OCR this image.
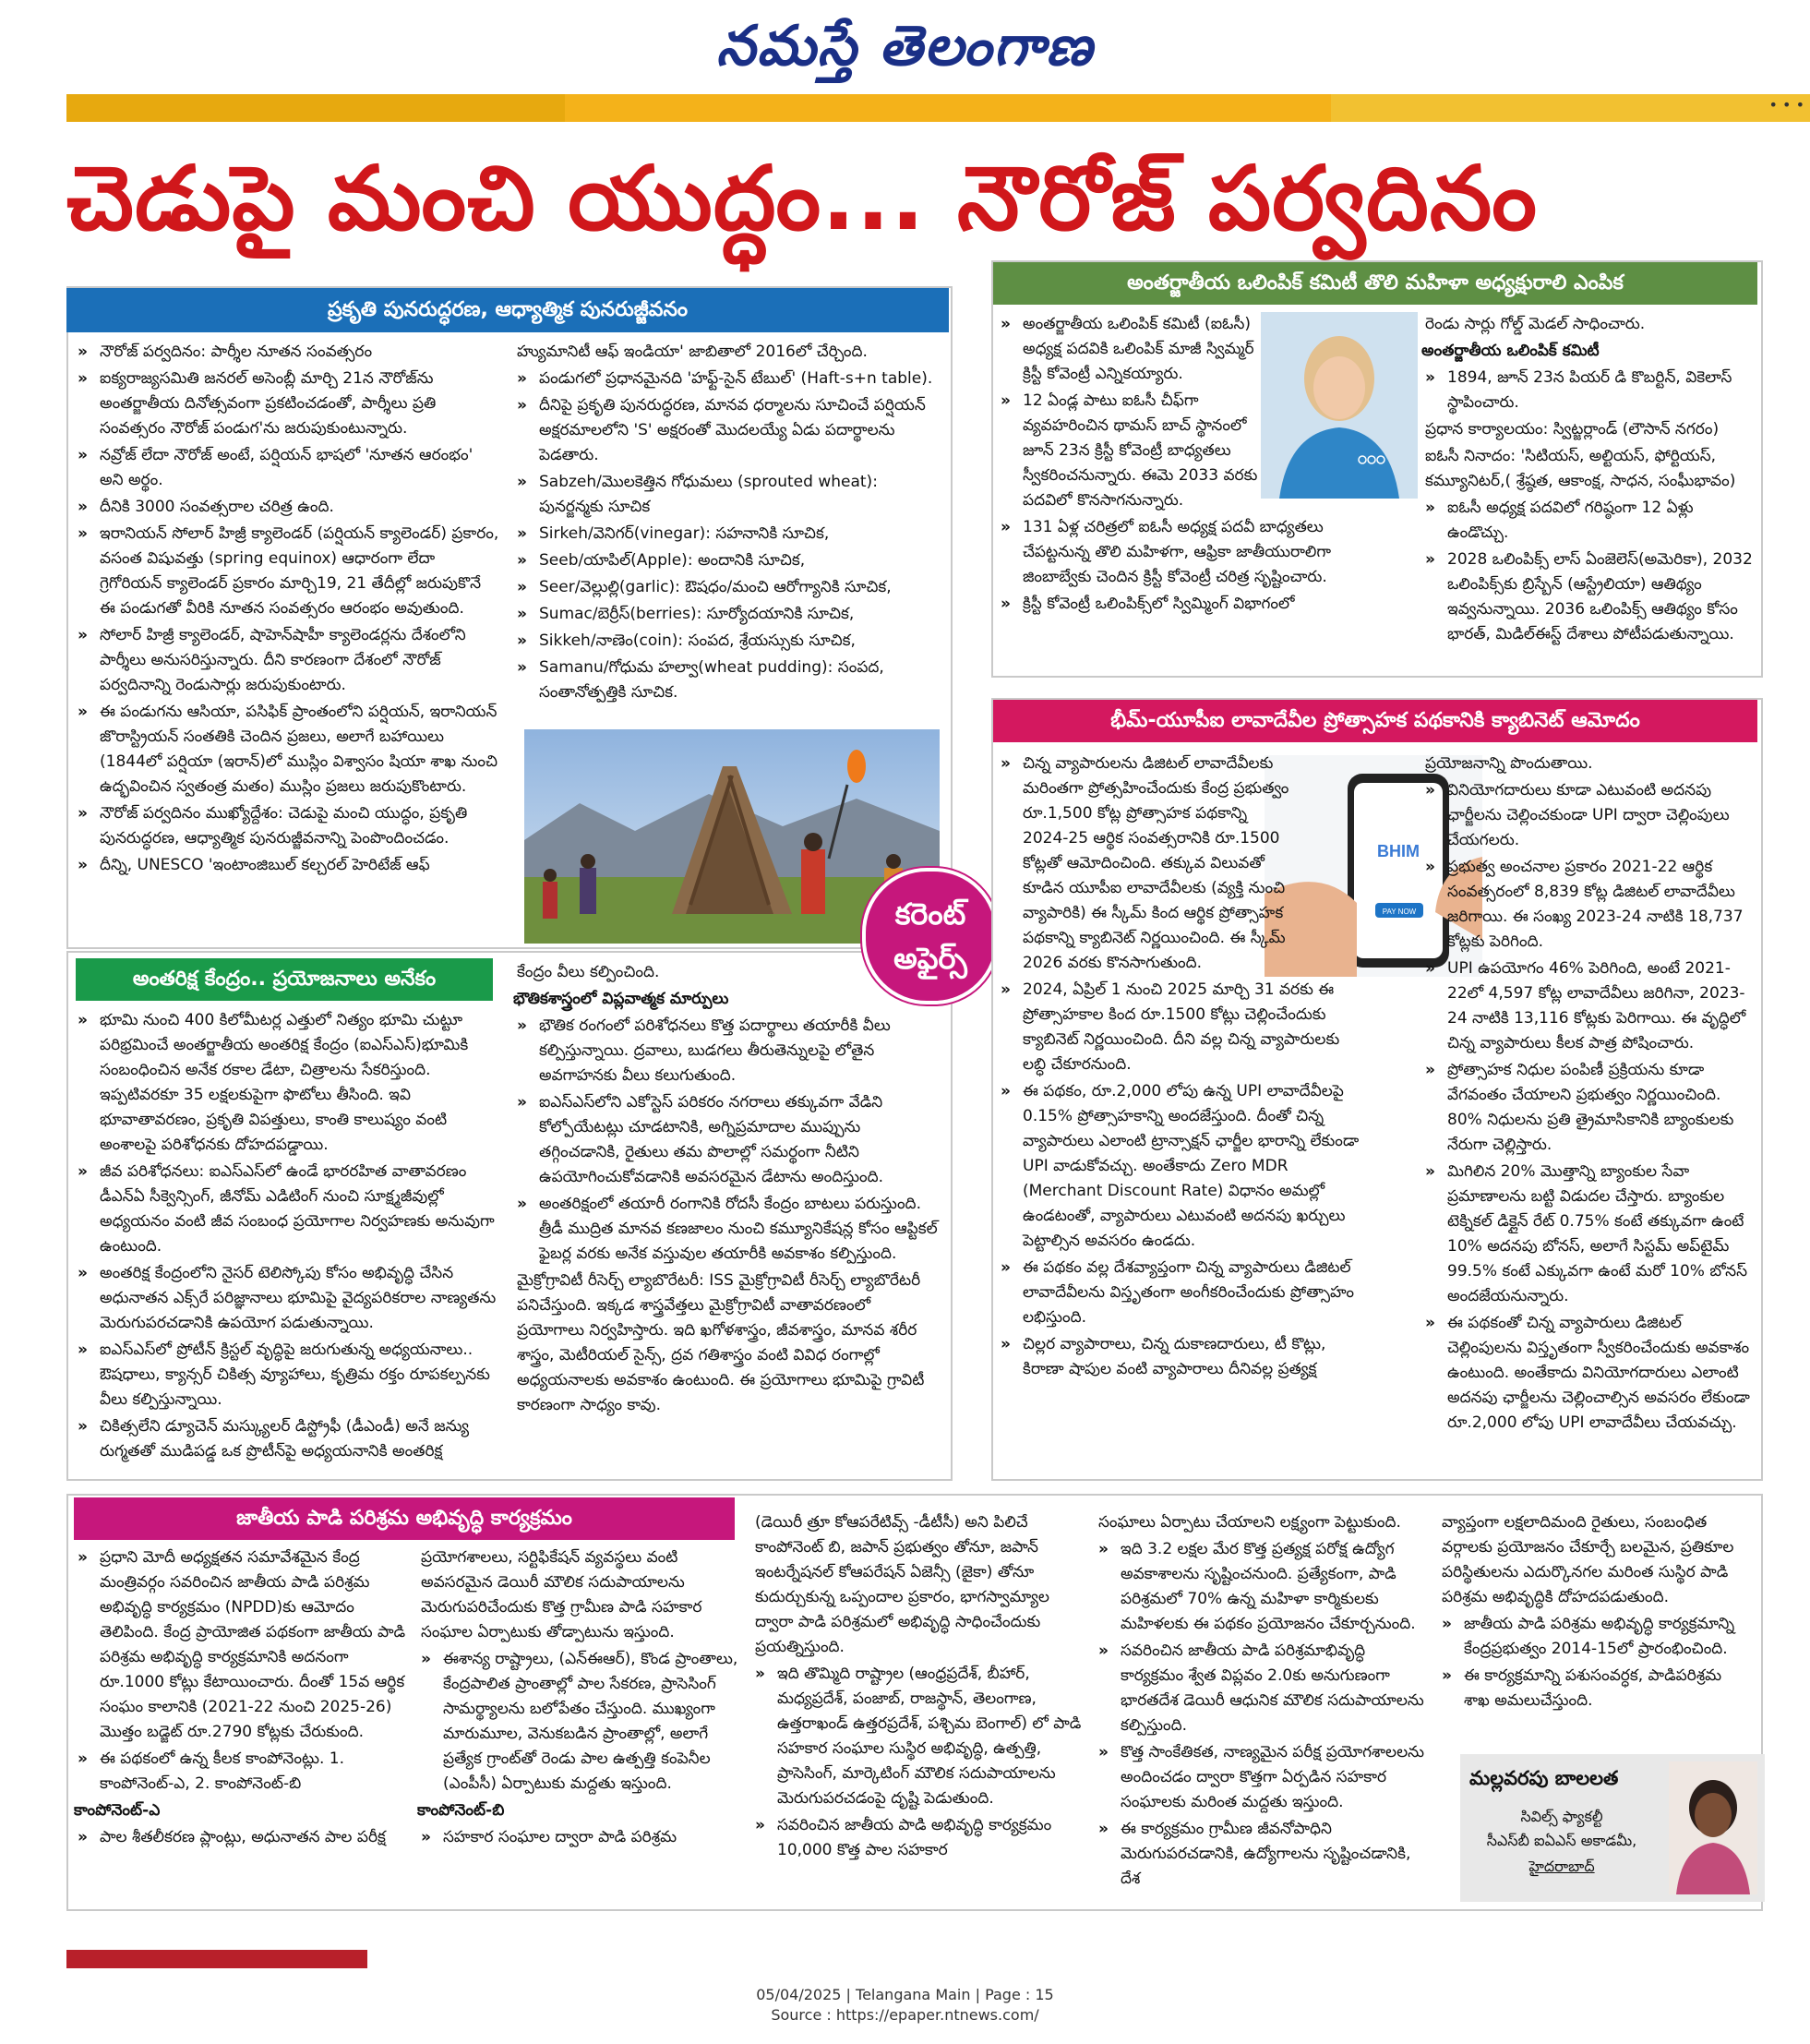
నమస్తే తెలంగాణ
• • •
చెడుపై మంచి యుద్ధం... నౌరోజ్ పర్వదినం
ప్రకృతి పునరుద్ధరణ, ఆధ్యాత్మిక పునరుజ్జీవనం

» నౌరోజ్ పర్వదినం: పార్శీల నూతన సంవత్సరం

» ఐక్యరాజ్యసమితి జనరల్ అసెంబ్లీ మార్చి 21న నౌరోజ్‌ను అంతర్జాతీయ దినోత్సవంగా ప్రకటించడంతో, పార్శీలు ప్రతి సంవత్సరం నౌరోజ్ పండుగ'ను జరుపుకుంటున్నారు.

» నవ్రోజ్ లేదా నౌరోజ్ అంటే, పర్షియన్ భాషలో 'నూతన ఆరంభం' అని అర్థం.

» దీనికి 3000 సంవత్సరాల చరిత్ర ఉంది.

» ఇరానియన్ సోలార్ హిజ్రీ క్యాలెండర్ (పర్షియన్ క్యాలెండర్) ప్రకారం, వసంత విషువత్తు (spring equinox) ఆధారంగా లేదా గ్రెగోరియన్ క్యాలెండర్ ప్రకారం మార్చి19, 21 తేదీల్లో జరుపుకొనే ఈ పండుగతో వీరికి నూతన సంవత్సరం ఆరంభం అవుతుంది.

» సోలార్ హిజ్రీ క్యాలెండర్, షాహెన్‌షాహీ క్యాలెండర్లను దేశంలోని పార్శీలు అనుసరిస్తున్నారు. దీని కారణంగా దేశంలో నౌరోజ్ పర్వదినాన్ని రెండుసార్లు జరుపుకుంటారు.

» ఈ పండుగను ఆసియా, పసిఫిక్ ప్రాంతంలోని పర్షియన్, ఇరానియన్ జొరాస్ట్రియన్ సంతతికి చెందిన ప్రజలు, అలాగే బహాయిలు (1844లో పర్షియా (ఇరాన్)లో ముస్లిం విశ్వాసం షియా శాఖ నుంచి ఉద్భవించిన స్వతంత్ర మతం) ముస్లిం ప్రజలు జరుపుకొంటారు.

» నౌరోజ్ పర్వదినం ముఖ్యోద్దేశం: చెడుపై మంచి యుద్ధం, ప్రకృతి పునరుద్ధరణ, ఆధ్యాత్మిక పునరుజ్జీవనాన్ని పెంపొందించడం.

» దీన్ని, UNESCO 'ఇంటాంజిబుల్ కల్చరల్ హెరిటేజ్ ఆఫ్

హ్యుమానిటీ ఆఫ్ ఇండియా' జాబితాలో 2016లో చేర్చింది.

» పండుగలో ప్రధానమైనది 'హఫ్ట్-సైన్ టేబుల్' (Haft-s+n table).

» దీనిపై ప్రకృతి పునరుద్ధరణ, మానవ ధర్మాలను సూచించే పర్షియన్ అక్షరమాలలోని 'S' అక్షరంతో మొదలయ్యే ఏడు పదార్థాలను పెడతారు.

» Sabzeh/మొలకెత్తిన గోధుమలు (sprouted wheat): పునర్జన్మకు సూచిక

» Sirkeh/వెనిగర్(vinegar): సహనానికి సూచిక,

» Seeb/యాపిల్(Apple): అందానికి సూచిక,

» Seer/వెల్లుల్లి(garlic): ఔషధం/మంచి ఆరోగ్యానికి సూచిక,

» Sumac/బెర్రీస్(berries): సూర్యోదయానికి సూచిక,

» Sikkeh/నాణెం(coin): సంపద, శ్రేయస్సుకు సూచిక,

» Samanu/గోధుమ హల్వా(wheat pudding): సంపద, సంతానోత్పత్తికి సూచిక.

అంతరిక్ష కేంద్రం.. ప్రయోజనాలు అనేకం

» భూమి నుంచి 400 కిలోమీటర్ల ఎత్తులో నిత్యం భూమి చుట్టూ పరిభ్రమించే అంతర్జాతీయ అంతరిక్ష కేంద్రం (ఐఎస్ఎస్)భూమికి సంబంధించిన అనేక రకాల డేటా, చిత్రాలను సేకరిస్తుంది. ఇప్పటివరకూ 35 లక్షలకుపైగా ఫొటోలు తీసింది. ఇవి భూవాతావరణం, ప్రకృతి విపత్తులు, కాంతి కాలుష్యం వంటి అంశాలపై పరిశోధనకు దోహదపడ్డాయి.

» జీవ పరిశోధనలు: ఐఎస్ఎస్‌లో ఉండే భారరహిత వాతావరణం డీఎన్ఏ సీక్వెన్సింగ్, జీనోమ్ ఎడిటింగ్ నుంచి సూక్ష్మజీవుల్లో అధ్యయనం వంటి జీవ సంబంధ ప్రయోగాల నిర్వహణకు అనువుగా ఉంటుంది.

» అంతరిక్ష కేంద్రంలోని నైసర్ టెలిస్కోపు కోసం అభివృద్ధి చేసిన అధునాతన ఎక్స్‌రే పరిజ్ఞానాలు భూమిపై వైద్యపరికరాల నాణ్యతను మెరుగుపరచడానికి ఉపయోగ పడుతున్నాయి.

» ఐఎస్ఎస్‌లో ప్రోటీన్ క్రిస్టల్ వృద్ధిపై జరుగుతున్న అధ్యయనాలు.. ఔషధాలు, క్యాన్సర్ చికిత్స వ్యూహాలు, కృత్రిమ రక్తం రూపకల్పనకు వీలు కల్పిస్తున్నాయి.

» చికిత్సలేని డ్యూచెన్ మస్క్యులర్ డిస్ట్రోఫీ (డీఎండీ) అనే జన్యు రుగ్మతతో ముడిపడ్డ ఒక ప్రొటీన్‌పై అధ్యయనానికి అంతరిక్ష

కేంద్రం వీలు కల్పించింది.

భౌతికశాస్త్రంలో విప్లవాత్మక మార్పులు

» భౌతిక రంగంలో పరిశోధనలు కొత్త పదార్థాలు తయారీకి వీలు కల్పిస్తున్నాయి. ద్రవాలు, బుడగలు తీరుతెన్నులపై లోతైన అవగాహనకు వీలు కలుగుతుంది.

» ఐఎస్ఎస్‌లోని ఎకోస్టెస్ పరికరం నగరాలు తక్కువగా వేడిని కోల్పోయేటట్లు చూడటానికి, అగ్నిప్రమాదాల ముప్పును తగ్గించడానికి, రైతులు తమ పొలాల్లో సమర్థంగా నీటిని ఉపయోగించుకోవడానికి అవసరమైన డేటాను అందిస్తుంది.

» అంతరిక్షంలో తయారీ రంగానికి రోదసీ కేంద్రం బాటలు పరుస్తుంది. త్రీడీ ముద్రిత మానవ కణజాలం నుంచి కమ్యూనికేషన్ల కోసం ఆప్టికల్ ఫైబర్ల వరకు అనేక వస్తువుల తయారీకి అవకాశం కల్పిస్తుంది.

మైక్రోగ్రావిటీ రీసెర్చ్ ల్యాబొరేటరీ: ISS మైక్రోగ్రావిటీ రీసెర్చ్ ల్యాబొరేటరీ పనిచేస్తుంది. ఇక్కడ శాస్త్రవేత్తలు మైక్రోగ్రావిటీ వాతావరణంలో ప్రయోగాలు నిర్వహిస్తారు. ఇది ఖగోళశాస్త్రం, జీవశాస్త్రం, మానవ శరీర శాస్త్రం, మెటీరియల్ సైన్స్, ద్రవ గతిశాస్త్రం వంటి వివిధ రంగాల్లో అధ్యయనాలకు అవకాశం ఉంటుంది. ఈ ప్రయోగాలు భూమిపై గ్రావిటీ కారణంగా సాధ్యం కావు.

కరెంట్
అఫైర్స్
అంతర్జాతీయ ఒలింపిక్ కమిటీ తొలి మహిళా అధ్యక్షురాలి ఎంపిక

» అంతర్జాతీయ ఒలింపిక్ కమిటీ (ఐఓసీ) అధ్యక్ష పదవికి ఒలింపిక్ మాజీ స్విమ్మర్ క్రిస్టీ కోవెంట్రీ ఎన్నికయ్యారు.

» 12 ఏండ్ల పాటు ఐఓసీ చీఫ్‌గా వ్యవహరించిన థామస్ బాచ్ స్థానంలో జూన్ 23న క్రిస్టీ కోవెంట్రీ బాధ్యతలు స్వీకరించనున్నారు. ఈమె 2033 వరకు పదవిలో కొనసాగనున్నారు.

» 131 ఏళ్ల చరిత్రలో ఐఓసీ అధ్యక్ష పదవీ బాధ్యతలు చేపట్టనున్న తొలి మహిళగా, ఆఫ్రికా జాతీయురాలిగా జింబాబ్వేకు చెందిన క్రిస్టీ కోవెంట్రీ చరిత్ర సృష్టించారు.

» క్రిస్టీ కోవెంట్రీ ఒలింపిక్స్‌లో స్విమ్మింగ్ విభాగంలో

రెండు సార్లు గోల్డ్ మెడల్ సాధించారు.

అంతర్జాతీయ ఒలింపిక్ కమిటీ

» 1894, జూన్ 23న పియర్ డి కొబర్టిన్, వికెలాస్ స్థాపించారు.

ప్రధాన కార్యాలయం: స్విట్జర్లాండ్ (లౌసాన్ నగరం)

ఐఓసీ నినాదం: 'సిటియస్, అల్టియస్, ఫోర్టియస్, కమ్యూనిటర్,( శ్రేష్ఠత, ఆకాంక్ష, సాధన, సంఘీభావం)

» ఐఓసీ అధ్యక్ష పదవిలో గరిష్ఠంగా 12 ఏళ్లు ఉండొచ్చు.

» 2028 ఒలింపిక్స్‌ లాస్ ఏంజెలెస్(అమెరికా), 2032 ఒలింపిక్స్‌కు బ్రిస్బేన్ (ఆస్ట్రేలియా) ఆతిథ్యం ఇవ్వనున్నాయి. 2036 ఒలింపిక్స్ ఆతిథ్యం కోసం భారత్, మిడిల్‌ఈస్ట్ దేశాలు పోటీపడుతున్నాయి.

భీమ్-యూపీఐ లావాదేవీల ప్రోత్సాహక పథకానికి క్యాబినెట్ ఆమోదం
BHIM
PAY NOW

» చిన్న వ్యాపారులను డిజిటల్ లావాదేవీలకు మరింతగా ప్రోత్సహించేందుకు కేంద్ర ప్రభుత్వం రూ.1,500 కోట్ల ప్రోత్సాహక పథకాన్ని 2024-25 ఆర్థిక సంవత్సరానికి రూ.1500 కోట్లతో ఆమోదించింది. తక్కువ విలువతో కూడిన యూపీఐ లావాదేవీలకు (వ్యక్తి నుంచి వ్యాపారికి) ఈ స్కీమ్ కింద ఆర్థిక ప్రోత్సాహక పథకాన్ని క్యాబినెట్ నిర్ణయించింది. ఈ స్కీమ్ 2026 వరకు కొనసాగుతుంది.

» 2024, ఏప్రిల్ 1 నుంచి 2025 మార్చి 31 వరకు ఈ ప్రోత్సాహకాల కింద రూ.1500 కోట్లు చెల్లించేందుకు క్యాబినెట్ నిర్ణయించింది. దీని వల్ల చిన్న వ్యాపారులకు లబ్ధి చేకూరనుంది.

» ఈ పథకం, రూ.2,000 లోపు ఉన్న UPI లావాదేవీలపై 0.15% ప్రోత్సాహకాన్ని అందజేస్తుంది. దీంతో చిన్న వ్యాపారులు ఎలాంటి ట్రాన్సాక్షన్ ఛార్జీల భారాన్ని లేకుండా UPI వాడుకోవచ్చు. అంతేకాదు Zero MDR (Merchant Discount Rate) విధానం అమల్లో ఉండటంతో, వ్యాపారులు ఎటువంటి అదనపు ఖర్చులు పెట్టాల్సిన అవసరం ఉండదు.

» ఈ పథకం వల్ల దేశవ్యాప్తంగా చిన్న వ్యాపారులు డిజిటల్ లావాదేవీలను విస్తృతంగా అంగీకరించేందుకు ప్రోత్సాహం లభిస్తుంది.

» చిల్లర వ్యాపారాలు, చిన్న దుకాణదారులు, టీ కొట్లు, కిరాణా షాపుల వంటి వ్యాపారాలు దీనివల్ల ప్రత్యక్ష

ప్రయోజనాన్ని పొందుతాయి.

» వినియోగదారులు కూడా ఎటువంటి అదనపు ఛార్జీలను చెల్లించకుండా UPI ద్వారా చెల్లింపులు చేయగలరు.

» ప్రభుత్వ అంచనాల ప్రకారం 2021-22 ఆర్థిక సంవత్సరంలో 8,839 కోట్ల డిజిటల్ లావాదేవీలు జరిగాయి. ఈ సంఖ్య 2023-24 నాటికి 18,737 కోట్లకు పెరిగింది.

» UPI ఉపయోగం 46% పెరిగింది, అంటే 2021-22లో 4,597 కోట్ల లావాదేవీలు జరిగినా, 2023-24 నాటికి 13,116 కోట్లకు పెరిగాయి. ఈ వృద్ధిలో చిన్న వ్యాపారులు కీలక పాత్ర పోషించారు.

» ప్రోత్సాహక నిధుల పంపిణీ ప్రక్రియను కూడా వేగవంతం చేయాలని ప్రభుత్వం నిర్ణయించింది. 80% నిధులను ప్రతి త్రైమాసికానికి బ్యాంకులకు నేరుగా చెల్లిస్తారు.

» మిగిలిన 20% మొత్తాన్ని బ్యాంకుల సేవా ప్రమాణాలను బట్టి విడుదల చేస్తారు. బ్యాంకుల టెక్నికల్ డిక్లైన్ రేట్ 0.75% కంటే తక్కువగా ఉంటే 10% అదనపు బోనస్, అలాగే సిస్టమ్ అప్‌టైమ్ 99.5% కంటే ఎక్కువగా ఉంటే మరో 10% బోనస్ అందజేయనున్నారు.

» ఈ పథకంతో చిన్న వ్యాపారులు డిజిటల్ చెల్లింపులను విస్తృతంగా స్వీకరించేందుకు అవకాశం ఉంటుంది. అంతేకాదు వినియోగదారులు ఎలాంటి అదనపు ఛార్జీలను చెల్లించాల్సిన అవసరం లేకుండా రూ.2,000 లోపు UPI లావాదేవీలు చేయవచ్చు.

జాతీయ పాడి పరిశ్రమ అభివృద్ధి కార్యక్రమం

» ప్రధాని మోదీ అధ్యక్షతన సమావేశమైన కేంద్ర మంత్రివర్గం సవరించిన జాతీయ పాడి పరిశ్రమ అభివృద్ధి కార్యక్రమం (NPDD)కు ఆమోదం తెలిపింది. కేంద్ర ప్రాయోజిత పథకంగా జాతీయ పాడి పరిశ్రమ అభివృద్ధి కార్యక్రమానికి అదనంగా రూ.1000 కోట్లు కేటాయించారు. దీంతో 15వ ఆర్థిక సంఘం కాలానికి (2021-22 నుంచి 2025-26) మొత్తం బడ్జెట్ రూ.2790 కోట్లకు చేరుకుంది.

» ఈ పథకంలో ఉన్న కీలక కాంపోనెంట్లు. 1. కాంపోనెంట్-ఎ, 2. కాంపోనెంట్-బి

కాంపోనెంట్-ఎ

» పాల శీతలీకరణ ప్లాంట్లు, అధునాతన పాల పరీక్ష

ప్రయోగశాలలు, సర్టిఫికేషన్ వ్యవస్థలు వంటి అవసరమైన డెయిరీ మౌలిక సదుపాయాలను మెరుగుపరిచేందుకు కొత్త గ్రామీణ పాడి సహకార సంఘాల ఏర్పాటుకు తోడ్పాటును ఇస్తుంది.

» ఈశాన్య రాష్ట్రాలు, (ఎన్ఈఆర్), కొండ ప్రాంతాలు, కేంద్రపాలిత ప్రాంతాల్లో పాల సేకరణ, ప్రాసెసింగ్ సామర్థ్యాలను బలోపేతం చేస్తుంది. ముఖ్యంగా మారుమూల, వెనుకబడిన ప్రాంతాల్లో, అలాగే ప్రత్యేక గ్రాంట్‌తో రెండు పాల ఉత్పత్తి కంపెనీల (ఎంపీసీ) ఏర్పాటుకు మద్దతు ఇస్తుంది.

కాంపోనెంట్-బి

» సహకార సంఘాల ద్వారా పాడి పరిశ్రమ

(డెయిరీ త్రూ కోఆపరేటివ్స్ -డీటీసీ) అని పిలిచే కాంపోనెంట్ బి, జపాన్ ప్రభుత్వం తోనూ, జపాన్ ఇంటర్నేషనల్ కోఆపరేషన్ ఏజెన్సీ (జైకా) తోనూ కుదుర్చుకున్న ఒప్పందాల ప్రకారం, భాగస్వామ్యాల ద్వారా పాడి పరిశ్రమలో అభివృద్ధి సాధించేందుకు ప్రయత్నిస్తుంది.

» ఇది తొమ్మిది రాష్ట్రాల (ఆంధ్రప్రదేశ్, బీహార్, మధ్యప్రదేశ్, పంజాబ్, రాజస్థాన్, తెలంగాణ, ఉత్తరాఖండ్ ఉత్తరప్రదేశ్, పశ్చిమ బెంగాల్) లో పాడి సహకార సంఘాల సుస్థిర అభివృద్ధి, ఉత్పత్తి, ప్రాసెసింగ్, మార్కెటింగ్ మౌలిక సదుపాయాలను మెరుగుపరచడంపై దృష్టి పెడుతుంది.

» సవరించిన జాతీయ పాడి అభివృద్ధి కార్యక్రమం 10,000 కొత్త పాల సహకార

సంఘాలు ఏర్పాటు చేయాలని లక్ష్యంగా పెట్టుకుంది.

» ఇది 3.2 లక్షల మేర కొత్త ప్రత్యక్ష పరోక్ష ఉద్యోగ అవకాశాలను సృష్టించనుంది. ప్రత్యేకంగా, పాడి పరిశ్రమలో 70% ఉన్న మహిళా కార్మికులకు మహిళలకు ఈ పథకం ప్రయోజనం చేకూర్చనుంది.

» సవరించిన జాతీయ పాడి పరిశ్రమాభివృద్ధి కార్యక్రమం శ్వేత విప్లవం 2.0కు అనుగుణంగా భారతదేశ డెయిరీ ఆధునిక మౌలిక సదుపాయాలను కల్పిస్తుంది.

» కొత్త సాంకేతికత, నాణ్యమైన పరీక్ష ప్రయోగశాలలను అందించడం ద్వారా కొత్తగా ఏర్పడిన సహకార సంఘాలకు మరింత మద్దతు ఇస్తుంది.

» ఈ కార్యక్రమం గ్రామీణ జీవనోపాధిని మెరుగుపరచడానికి, ఉద్యోగాలను సృష్టించడానికి, దేశ

వ్యాప్తంగా లక్షలాదిమంది రైతులు, సంబంధిత వర్గాలకు ప్రయోజనం చేకూర్చే బలమైన, ప్రతికూల పరిస్థితులను ఎదుర్కొనగల మరింత సుస్థిర పాడి పరిశ్రమ అభివృద్ధికి దోహదపడుతుంది.

» జాతీయ పాడి పరిశ్రమ అభివృద్ధి కార్యక్రమాన్ని కేంద్రప్రభుత్వం 2014-15లో ప్రారంభించింది.

» ఈ కార్యక్రమాన్ని పశుసంవర్ధక, పాడిపరిశ్రమ శాఖ అమలుచేస్తుంది.

మల్లవరపు బాలలత
సివిల్స్ ఫ్యాకల్టీ
సీఎస్‌బీ ఐఏఎస్ అకాడమీ,
హైదరాబాద్
05/04/2025 | Telangana Main | Page : 15
Source : https://epaper.ntnews.com/
